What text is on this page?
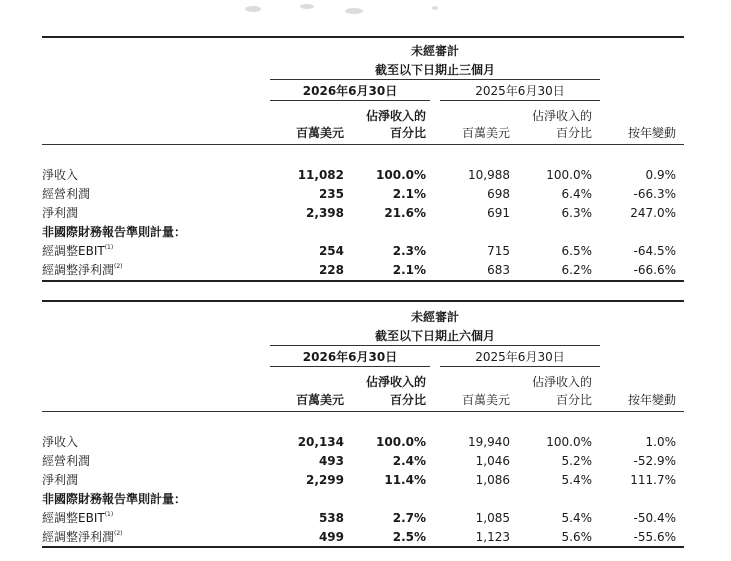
未經審計
截至以下日期止三個月
2026年6月30日	2025年6月30日
佔淨收入的	佔淨收入的
百萬美元	百分比	百萬美元	百分比	按年變動
淨收入	11,082	100.0%	10,988	100.0%	0.9%
經營利潤	235	2.1%	698	6.4%	-66.3%
淨利潤	2,398	21.6%	691	6.3%	247.0%
非國際財務報告準則計量：
經調整EBIT$^{(1)}$	254	2.3%	715	6.5%	-64.5%
經調整淨利潤$^{(2)}$	228	2.1%	683	6.2%	-66.6%
未經審計
截至以下日期止六個月
2026年6月30日	2025年6月30日
佔淨收入的	佔淨收入的
百萬美元	百分比	百萬美元	百分比	按年變動
淨收入	20,134	100.0%	19,940	100.0%	1.0%
經營利潤	493	2.4%	1,046	5.2%	-52.9%
淨利潤	2,299	11.4%	1,086	5.4%	111.7%
非國際財務報告準則計量：
經調整EBIT$^{(1)}$	538	2.7%	1,085	5.4%	-50.4%
經調整淨利潤$^{(2)}$	499	2.5%	1,123	5.6%	-55.6%
